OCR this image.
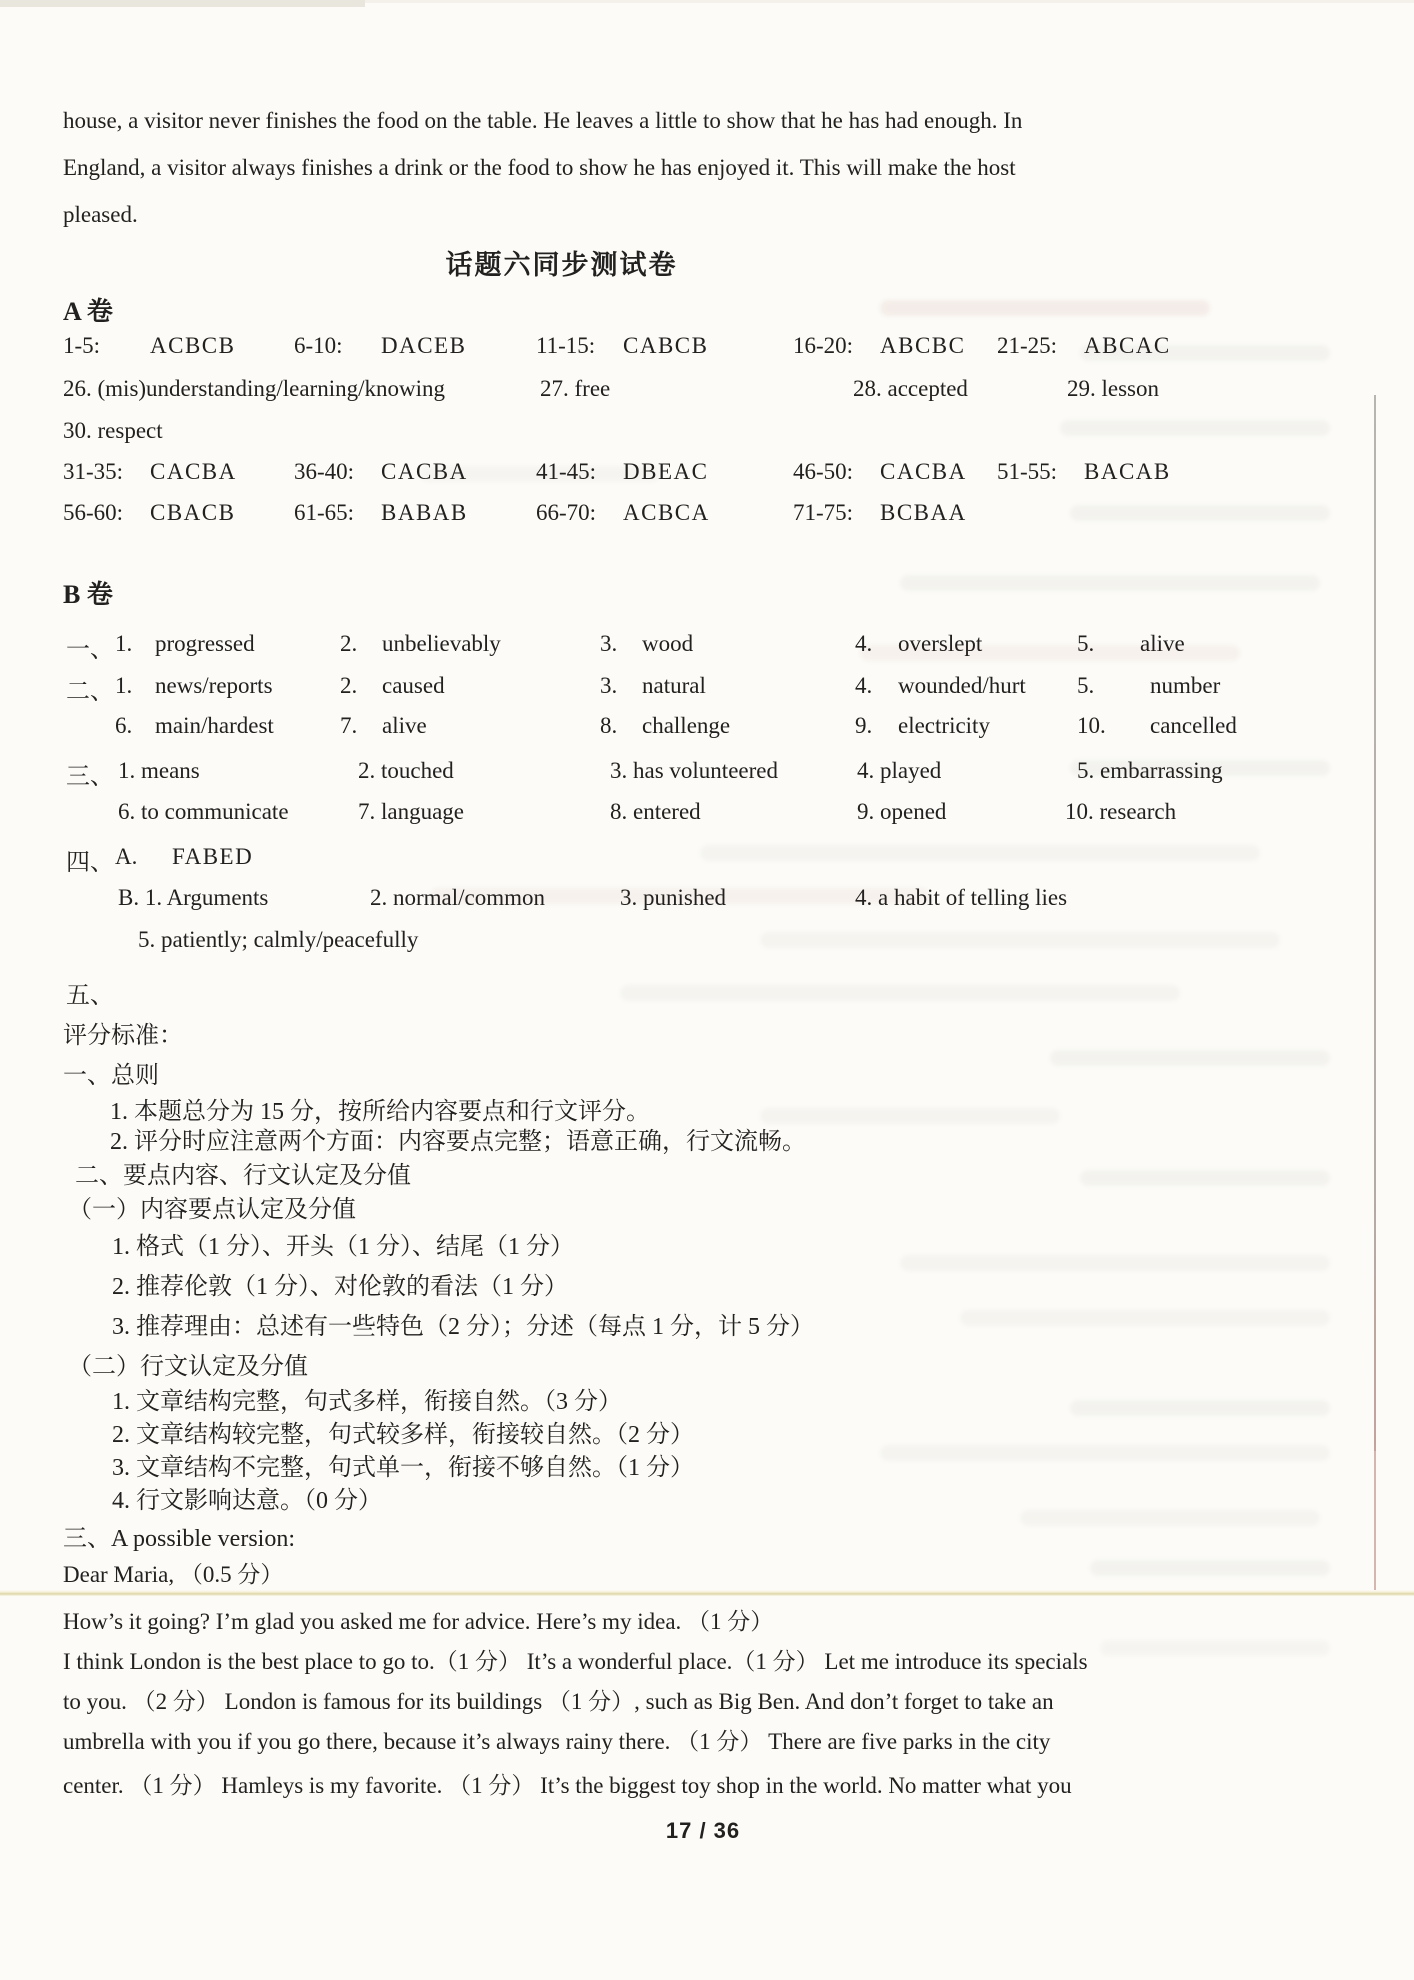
house, a visitor never finishes the food on the table. He leaves a little to show that he has had enough. In
England, a visitor always finishes a drink or the food to show he has enjoyed it. This will make the host
pleased.
话题六同步测试卷
A 卷
1-5: ACBCB	6-10: DACEB	11-15: CABCB	16-20: ABCBC 21-25: ABCAC
26. (mis)understanding/learning/knowing	27. free	28. accepted	29. lesson
30. respect
31-35: CACBA 36-40: CACBA	41-45: DBEAC	46-50: CACBA 51-55: BACAB
56-60: CBACB	61-65: BABAB	66-70: ACBCA	71-75: BCBAA
B 卷
一、 1. progressed	2. unbelievably	3. wood	4. overslept	5. alive
二、 1. news/reports	2. caused	3. natural	4. wounded/hurt 5. number
6. main/hardest	7. alive	8. challenge	9. electricity	10. cancelled
三、 1. means	2. touched	3. has volunteered	4. played	5. embarrassing
6. to communicate	7. language	8. entered	9. opened	10. research
四、 A. FABED
B. 1. Arguments	2. normal/common	3. punished	4. a habit of telling lies
5. patiently; calmly/peacefully
五、
评分标准：
一、总则
1. 本题总分为 15 分，按所给内容要点和行文评分。
2. 评分时应注意两个方面：内容要点完整；语意正确，行文流畅。
二、要点内容、行文认定及分值
（一）内容要点认定及分值
1. 格式（1 分）、开头（1 分）、结尾（1 分）
2. 推荐伦敦（1 分）、对伦敦的看法（1 分）
3. 推荐理由：总述有一些特色（2 分）；分述（每点 1 分，计 5 分）
（二）行文认定及分值
1. 文章结构完整，句式多样，衔接自然。（3 分）
2. 文章结构较完整，句式较多样，衔接较自然。（2 分）
3. 文章结构不完整，句式单一，衔接不够自然。（1 分）
4. 行文影响达意。（0 分）
三、A possible version:
Dear Maria, （0.5 分）
How’s it going? I’m glad you asked me for advice. Here’s my idea. （1 分）
I think London is the best place to go to.（1 分） It’s a wonderful place.（1 分） Let me introduce its specials
to you. （2 分） London is famous for its buildings （1 分）, such as Big Ben. And don’t forget to take an
umbrella with you if you go there, because it’s always rainy there. （1 分） There are five parks in the city
center. （1 分） Hamleys is my favorite. （1 分） It’s the biggest toy shop in the world. No matter what you
17 / 36
